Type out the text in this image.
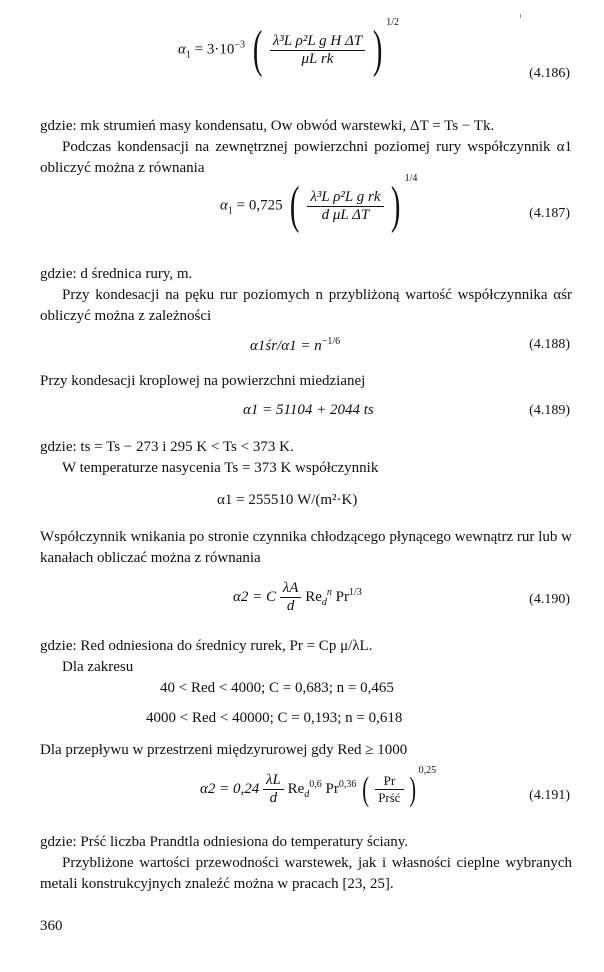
$\alpha_1 = 3\cdot 10^{-3}$ ( $\frac{\text{λ³L ρ²L g H ΔT}}{\text{μL rk}}$ ) $^{1/2}$
(4.186)
gdzie: mk strumień masy kondensatu, Ow obwód warstewki, ΔT = Ts − Tk.
Podczas kondensacji na zewnętrznej powierzchni poziomej rury współczynnik α1 obliczyć można z równania
$\alpha_1 = 0,725$ ( $\frac{\text{λ³L ρ²L g rk}}{\text{d μL ΔT}}$ ) $^{1/4}$
(4.187)
gdzie: d średnica rury, m.
Przy kondesacji na pęku rur poziomych n przybliżoną wartość współczynnika αśr obliczyć można z zależności
α1śr/α1 = $n^{-1/6}$	(4.188)
Przy kondesacji kroplowej na powierzchni miedzianej
α1 = 51104 + 2044 ts	(4.189)
gdzie: ts = Ts − 273 i 295 K < Ts < 373 K.
W temperaturze nasycenia Ts = 373 K współczynnik
α1 = 255510 W/(m²·K)
Współczynnik wnikania po stronie czynnika chłodzącego płynącego wewnątrz rur lub w kanałach obliczać można z równania
α2 = C $\frac{\lambda A}{d} Re_d^n$ $Pr^{1/3}$	(4.190)
gdzie: Red odniesiona do średnicy rurek, Pr = Cp μ/λL.
Dla zakresu
40 < Red < 4000; C = 0,683; n = 0,465
4000 < Red < 40000; C = 0,193; n = 0,618
Dla przepływu w przestrzeni międzyrurowej gdy Red ≥ 1000
$\alpha 2 = 0,24 \frac{\lambda L}{d} Re_d^{0,6}$ Pr$^{0,36}$ ( $\frac{Pr}{\text{Prść}} )^{0,25}$
(4.191)
gdzie: Prść liczba Prandtla odniesiona do temperatury ściany.
Przybliżone wartości przewodności warstewek, jak i własności cieplne wybranych metali konstrukcyjnych znaleźć można w pracach [23, 25].
360
